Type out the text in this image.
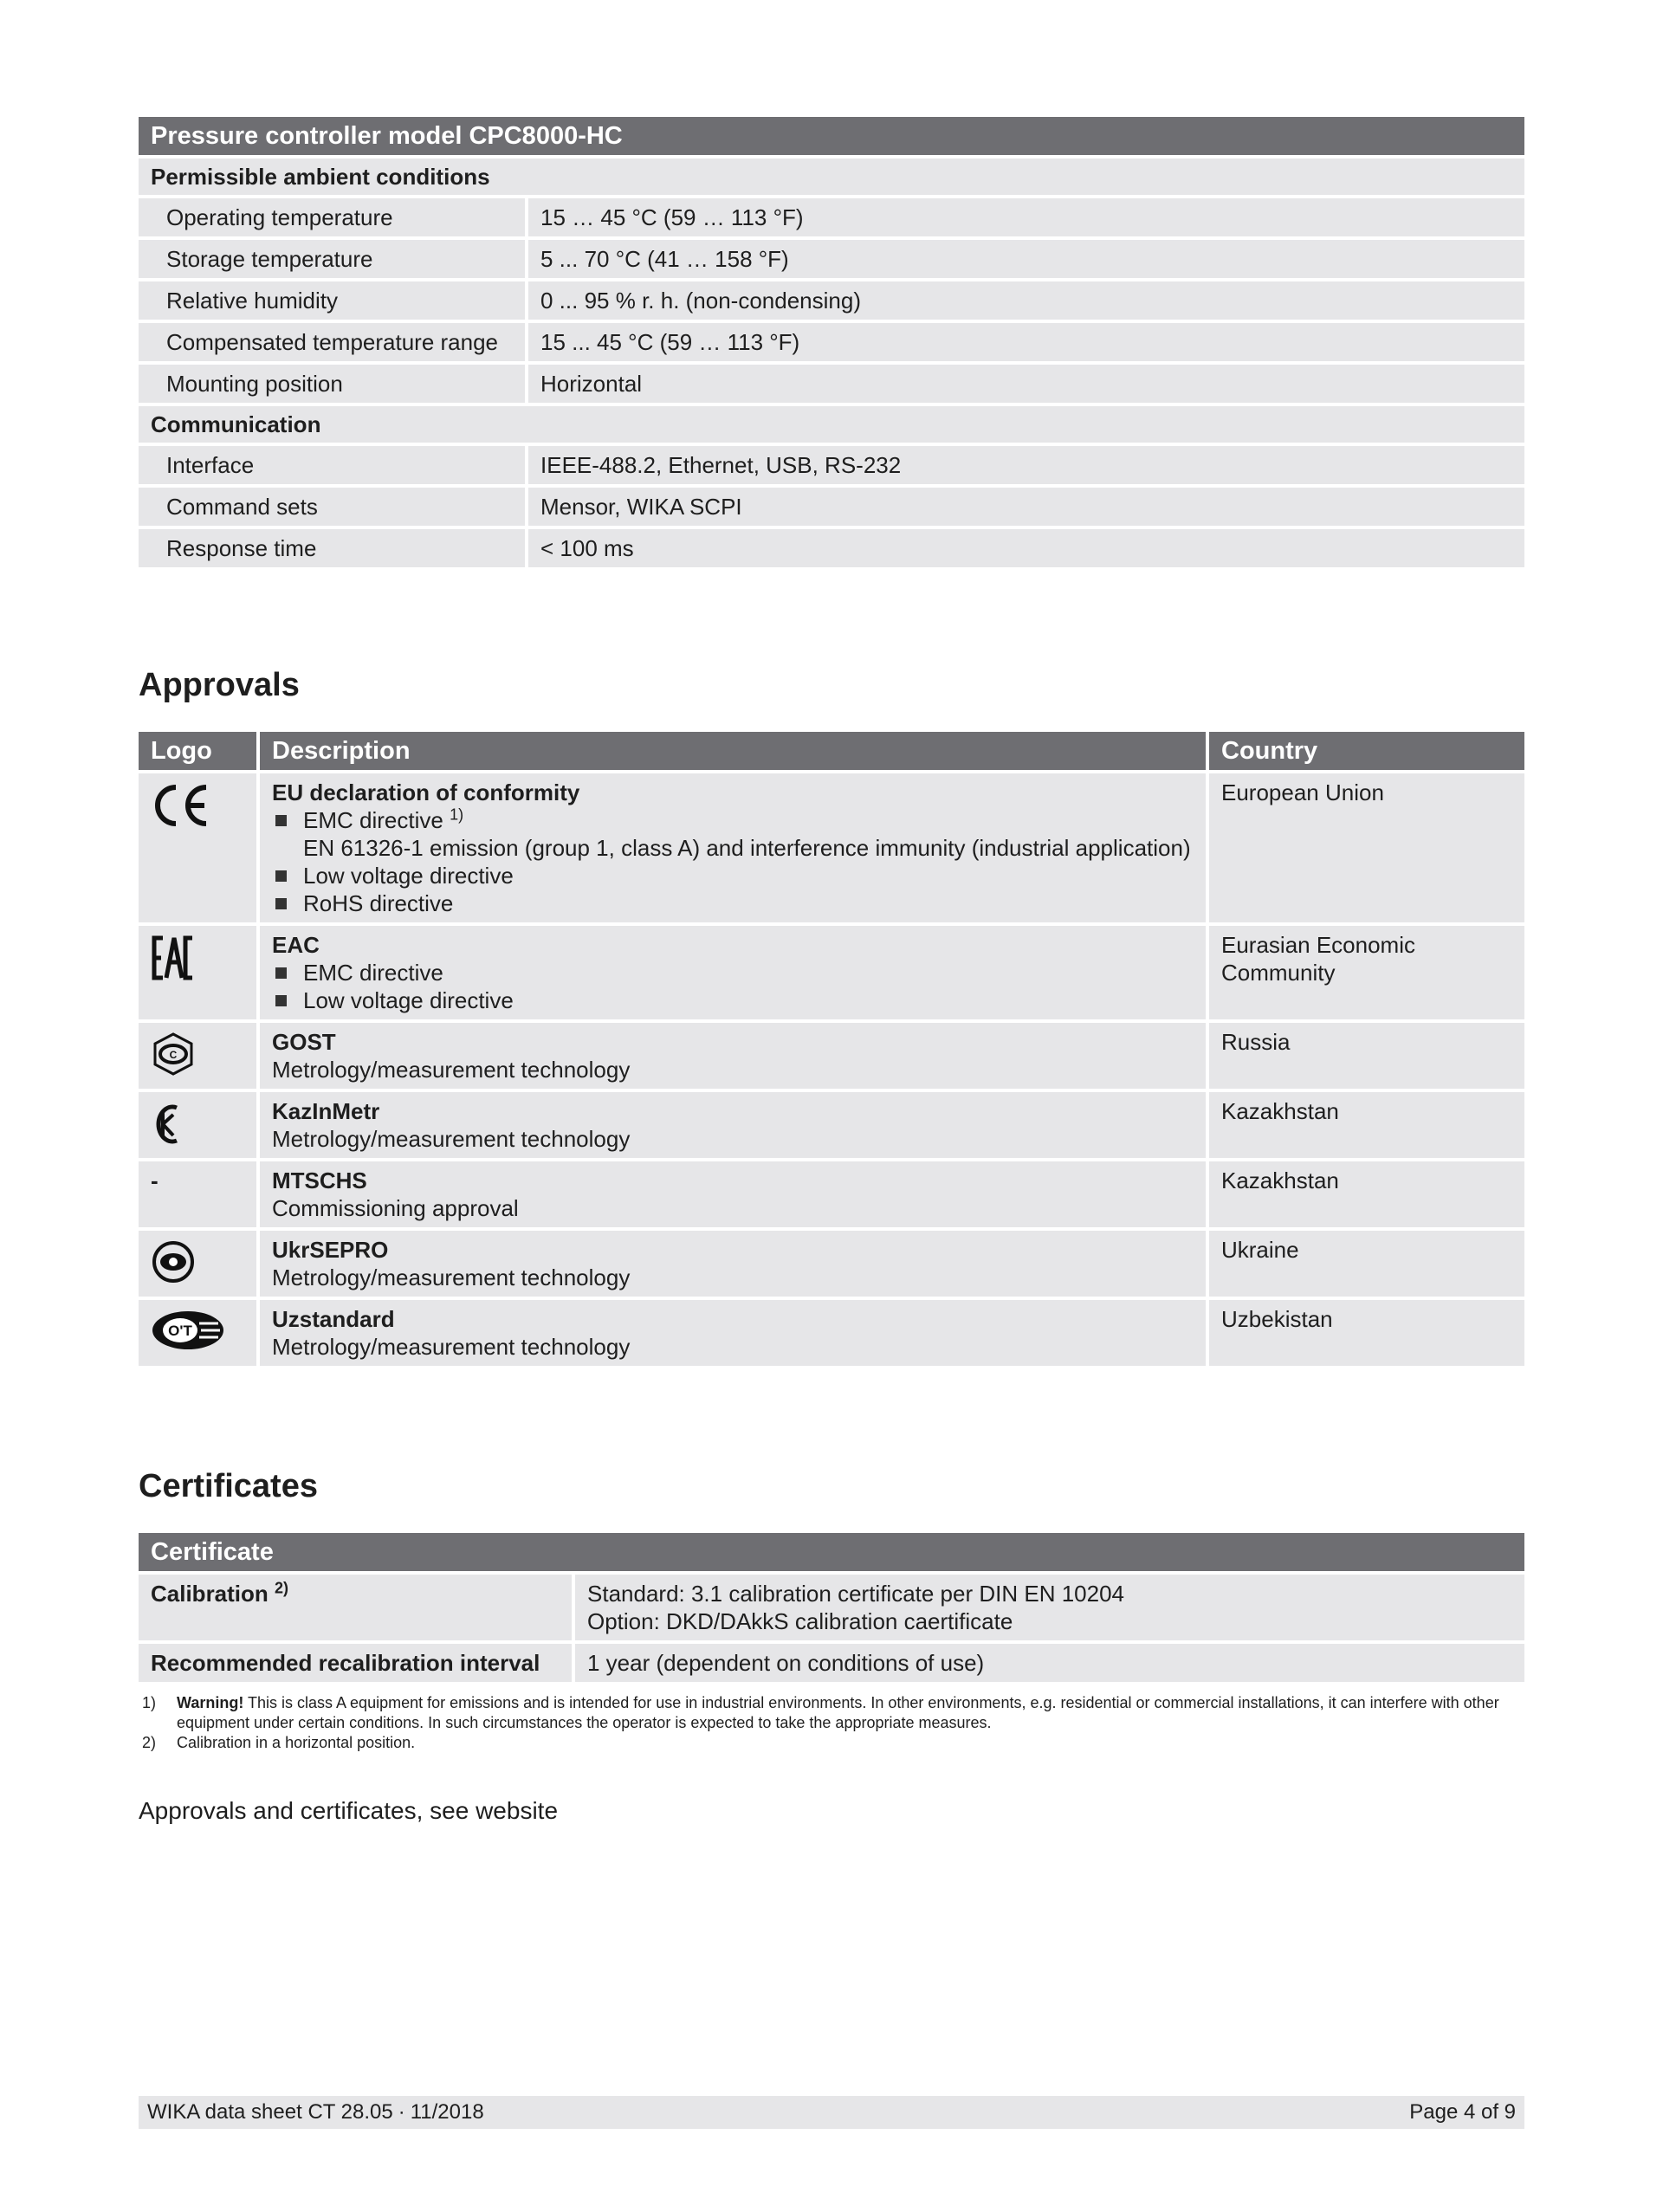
Pressure controller model CPC8000-HC	
Permissible ambient conditions	
Operating temperature	15 … 45 °C (59 … 113 °F)
Storage temperature	5 ... 70 °C (41 … 158 °F)
Relative humidity	0 ... 95 % r. h. (non-condensing)
Compensated temperature range	15 ... 45 °C (59 … 113 °F)
Mounting position	Horizontal
Communication	
Interface	IEEE-488.2, Ethernet, USB, RS-232
Command sets	Mensor, WIKA SCPI
Response time	< 100 ms
Approvals
Logo	Description	Country

	EU declaration of conformity
EMC directive $^{1)}$
EN 61326-1 emission (group 1, class A) and interference immunity (industrial application)
Low voltage directive
RoHS directive	European Union

	EAC
EMC directive
Low voltage directive	Eurasian Economic Community

C	GOST
Metrology/measurement technology	Russia

	KazInMetr
Metrology/measurement technology	Kazakhstan
-	MTSCHS
Commissioning approval	Kazakhstan

	UkrSEPRO
Metrology/measurement technology	Ukraine

O'T	Uzstandard
Metrology/measurement technology	Uzbekistan
Certificates
Certificate	
Calibration $^{2)}$	Standard: 3.1 calibration certificate per DIN EN 10204
Option: DKD/DAkkS calibration caertificate
Recommended recalibration interval	1 year (dependent on conditions of use)
1)	Warning! This is class A equipment for emissions and is intended for use in industrial environments. In other environments, e.g. residential or commercial installations, it can interfere with other equipment under certain conditions. In such circumstances the operator is expected to take the appropriate measures.
2)	Calibration in a horizontal position.
Approvals and certificates, see website
WIKA data sheet CT 28.05 ∙ 11/2018	Page 4 of 9
